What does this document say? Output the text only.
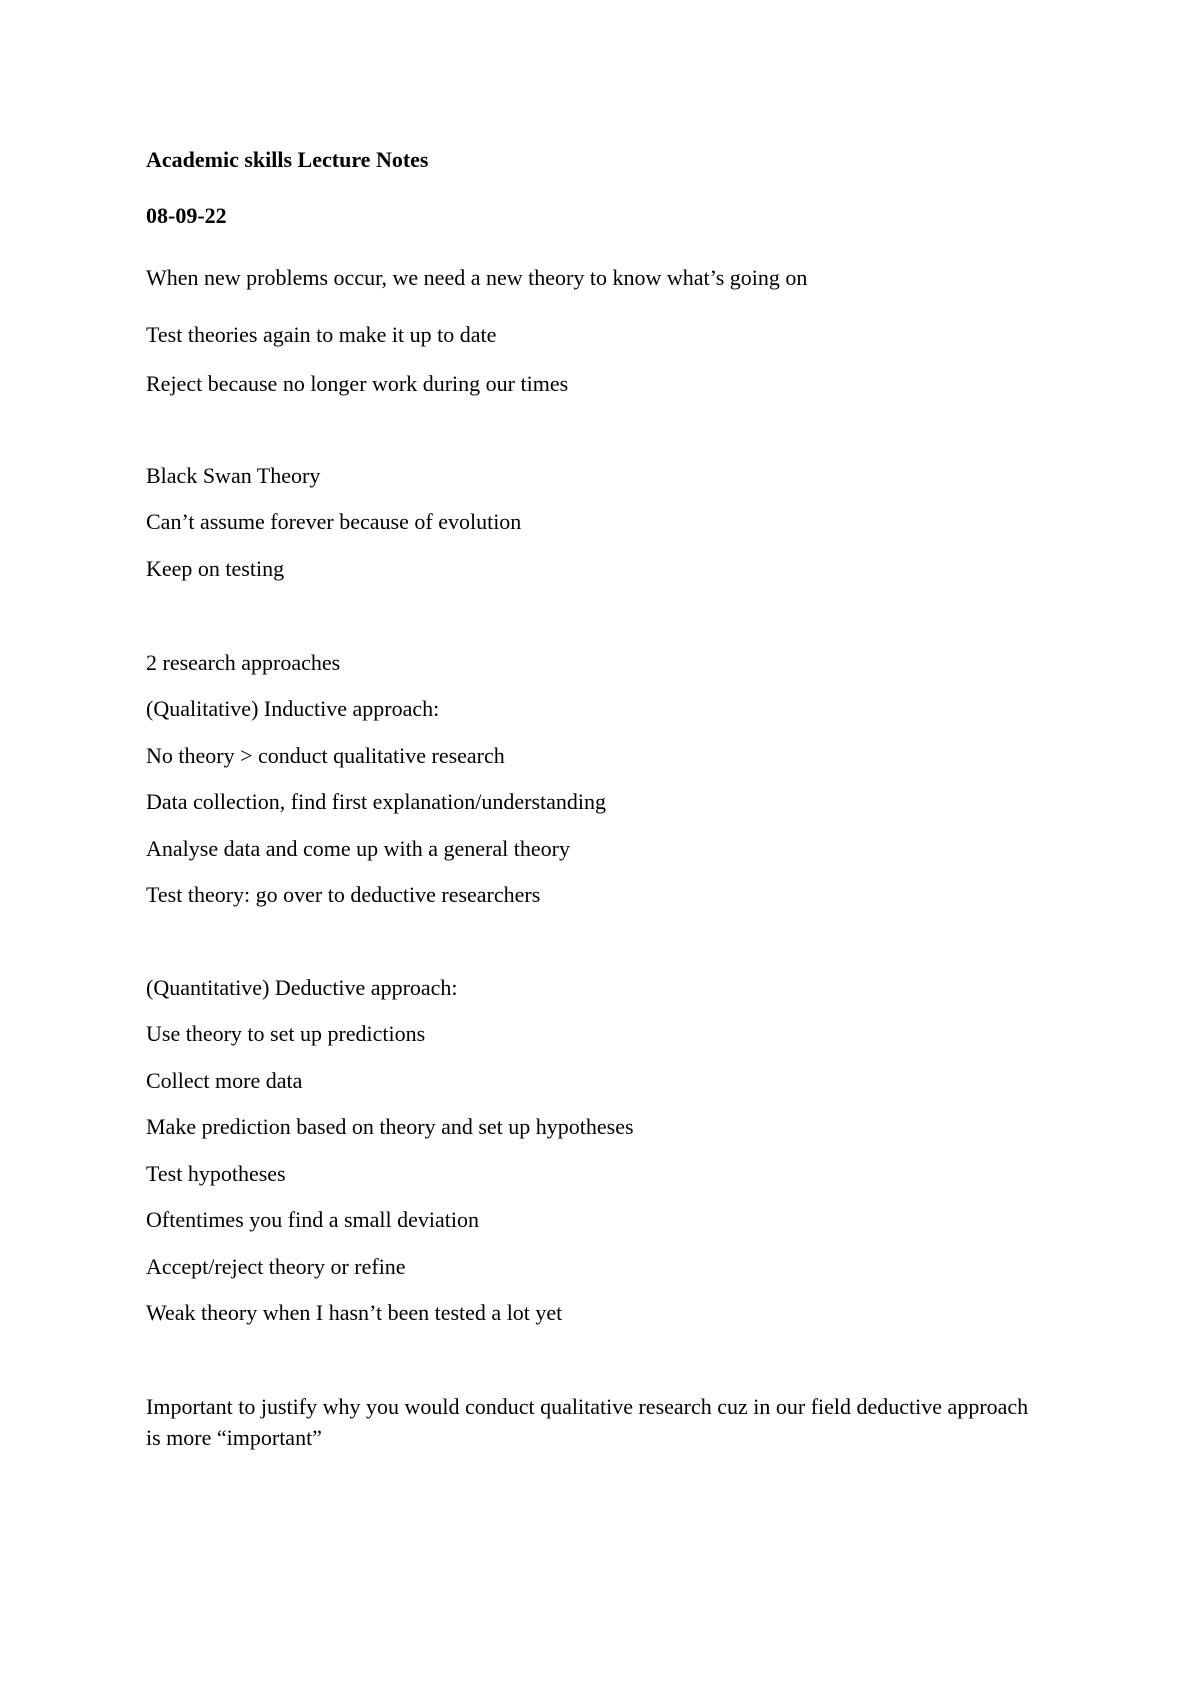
Academic skills Lecture Notes
08-09-22
When new problems occur, we need a new theory to know what’s going on
Test theories again to make it up to date
Reject because no longer work during our times
Black Swan Theory
Can’t assume forever because of evolution
Keep on testing
2 research approaches
(Qualitative) Inductive approach:
No theory > conduct qualitative research
Data collection, find first explanation/understanding
Analyse data and come up with a general theory
Test theory: go over to deductive researchers
(Quantitative) Deductive approach:
Use theory to set up predictions
Collect more data
Make prediction based on theory and set up hypotheses
Test hypotheses
Oftentimes you find a small deviation
Accept/reject theory or refine
Weak theory when I hasn’t been tested a lot yet
Important to justify why you would conduct qualitative research cuz in our field deductive approach is more “important”
